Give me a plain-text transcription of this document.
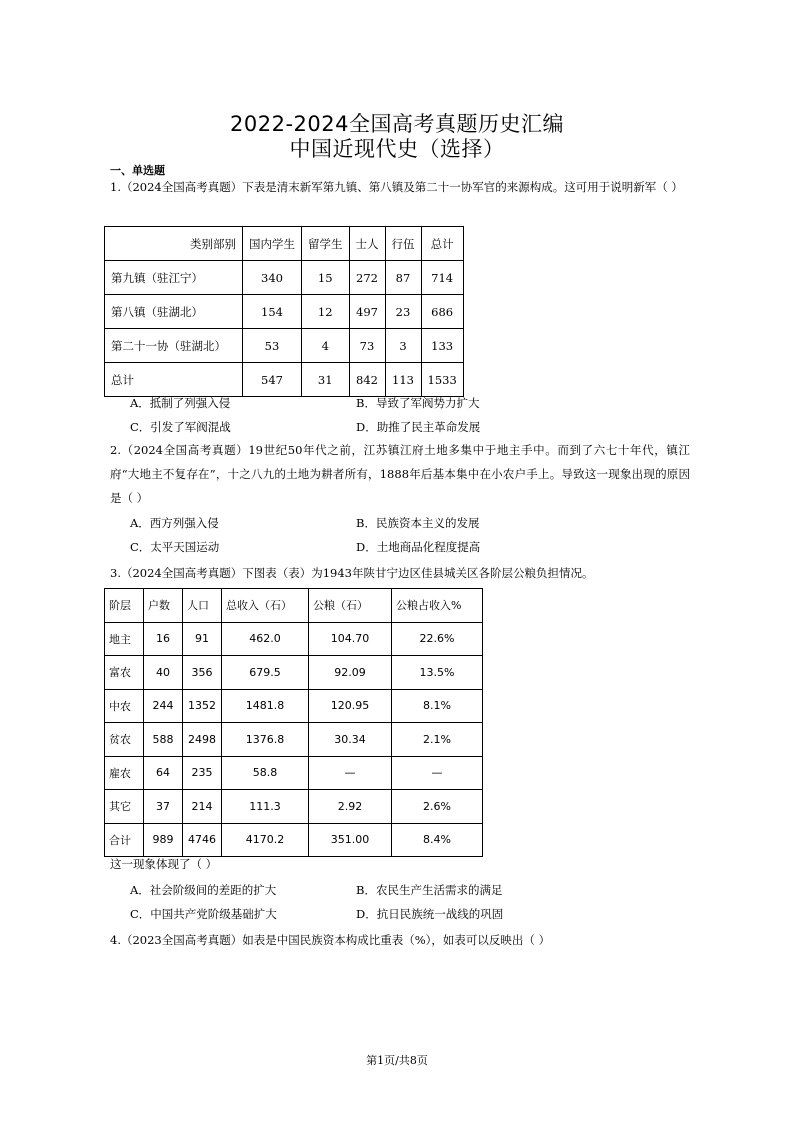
2022-2024全国高考真题历史汇编
中国近现代史（选择）
一、单选题
1.（2024全国高考真题）下表是清末新军第九镇、第八镇及第二十一协军官的来源构成。这可用于说明新军（ ）
类别部别	国内学生	留学生	士人	行伍	总计
第九镇（驻江宁）	340	15	272	87	714
第八镇（驻湖北）	154	12	497	23	686
第二十一协（驻湖北）	53	4	73	3	133
总计	547	31	842	113	1533
A．抵制了列强入侵	B．导致了军阀势力扩大
C．引发了军阀混战	D．助推了民主革命发展
2.（2024全国高考真题）19世纪50年代之前，江苏镇江府土地多集中于地主手中。而到了六七十年代，镇江府“大地主不复存在”，十之八九的土地为耕者所有，1888年后基本集中在小农户手上。导致这一现象出现的原因是（ ）
A．西方列强入侵	B．民族资本主义的发展
C．太平天国运动	D．土地商品化程度提高
3.（2024全国高考真题）下图表（表）为1943年陕甘宁边区佳县城关区各阶层公粮负担情况。
阶层	户数	人口	总收入（石）	公粮（石）	公粮占收入%
地主	16	91	462.0	104.70	22.6%
富农	40	356	679.5	92.09	13.5%
中农	244	1352	1481.8	120.95	8.1%
贫农	588	2498	1376.8	30.34	2.1%
雇农	64	235	58.8	—	—
其它	37	214	111.3	2.92	2.6%
合计	989	4746	4170.2	351.00	8.4%
这一现象体现了（ ）
A．社会阶级间的差距的扩大	B．农民生产生活需求的满足
C．中国共产党阶级基础扩大	D．抗日民族统一战线的巩固
4.（2023全国高考真题）如表是中国民族资本构成比重表（%），如表可以反映出（ ）
第1页/共8页
